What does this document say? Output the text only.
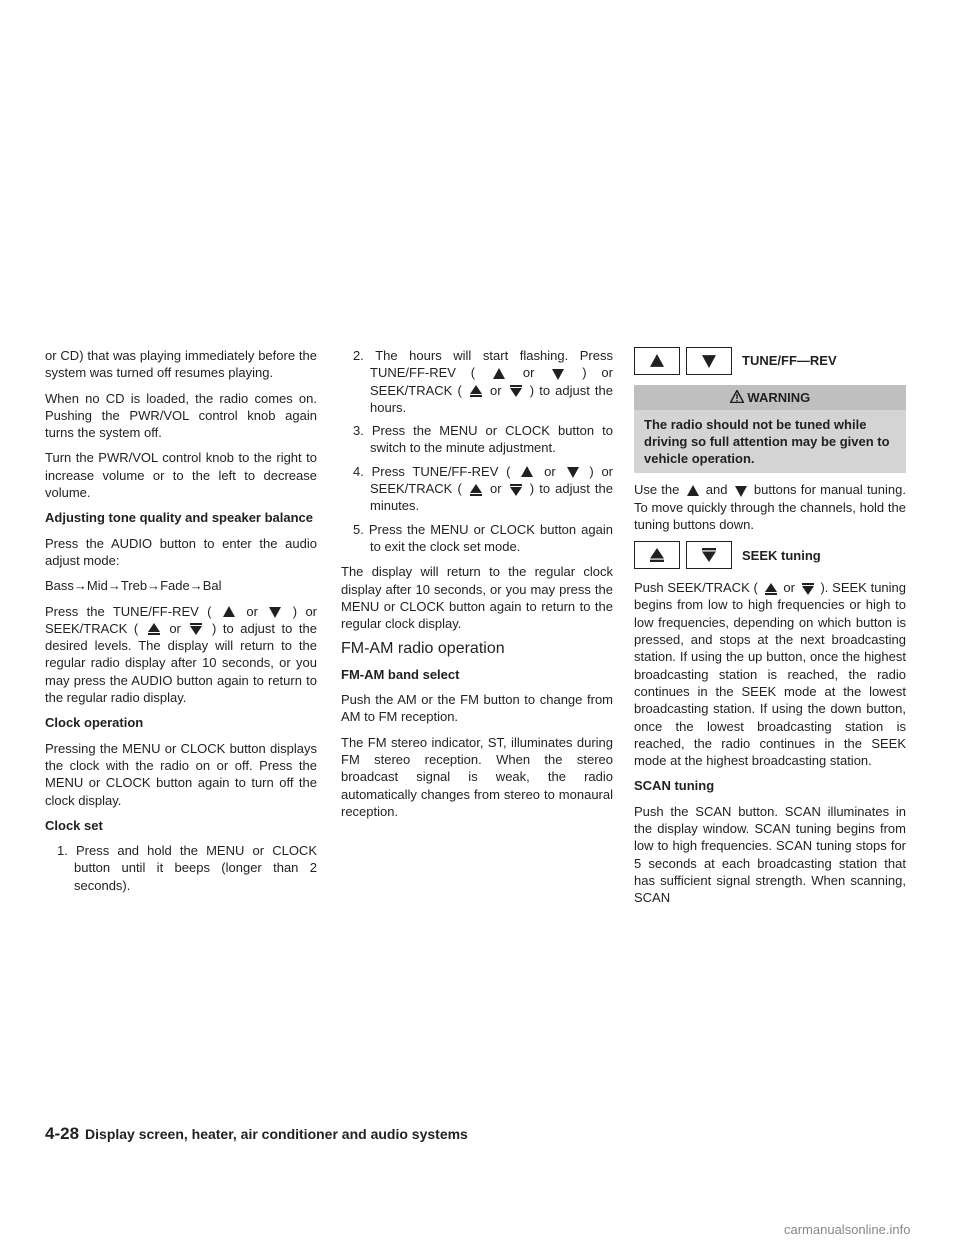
or CD) that was playing immediately before the system was turned off resumes playing.

When no CD is loaded, the radio comes on. Pushing the PWR/VOL control knob again turns the system off.

Turn the PWR/VOL control knob to the right to increase volume or to the left to decrease volume.

Adjusting tone quality and speaker balance

Press the AUDIO button to enter the audio adjust mode:

Bass→Mid→Treb→Fade→Bal

Press the TUNE/FF-REV (	or	) or SEEK/TRACK ( or ) to adjust to the desired levels. The display will return to the regular radio display after 10 seconds, or you may press the AUDIO button again to return to the regular radio display.

Clock operation

Pressing the MENU or CLOCK button displays the clock with the radio on or off. Press the MENU or CLOCK button again to turn off the clock display.

Clock set
1. Press and hold the MENU or CLOCK button until it beeps (longer than 2 seconds).
2. The hours will start flashing. Press TUNE/FF-REV (	or	) or SEEK/TRACK ( or ) to adjust the hours.
3. Press the MENU or CLOCK button to switch to the minute adjustment.
4. Press TUNE/FF-REV (	or	) or SEEK/TRACK ( or ) to adjust the minutes.
5. Press the MENU or CLOCK button again to exit the clock set mode.

The display will return to the regular clock display after 10 seconds, or you may press the MENU or CLOCK button again to return to the regular clock display.

FM-AM radio operation
FM-AM band select

Push the AM or the FM button to change from AM to FM reception.

The FM stereo indicator, ST, illuminates during FM stereo reception. When the stereo broadcast signal is weak, the radio automatically changes from stereo to monaural reception.

TUNE/FF—REV
WARNING
The radio should not be tuned while driving so full attention may be given to vehicle operation.

Use the and buttons for manual tuning. To move quickly through the channels, hold the tuning buttons down.

SEEK tuning

Push SEEK/TRACK ( or ). SEEK tuning begins from low to high frequencies or high to low frequencies, depending on which button is pressed, and stops at the next broadcasting station. If using the up button, once the highest broadcasting station is reached, the radio continues in the SEEK mode at the lowest broadcasting station. If using the down button, once the lowest broadcasting station is reached, the radio continues in the SEEK mode at the highest broadcasting station.

SCAN tuning

Push the SCAN button. SCAN illuminates in the display window. SCAN tuning begins from low to high frequencies. SCAN tuning stops for 5 seconds at each broadcasting station that has sufficient signal strength. When scanning, SCAN

4-28 Display screen, heater, air conditioner and audio systems
carmanualsonline.info
